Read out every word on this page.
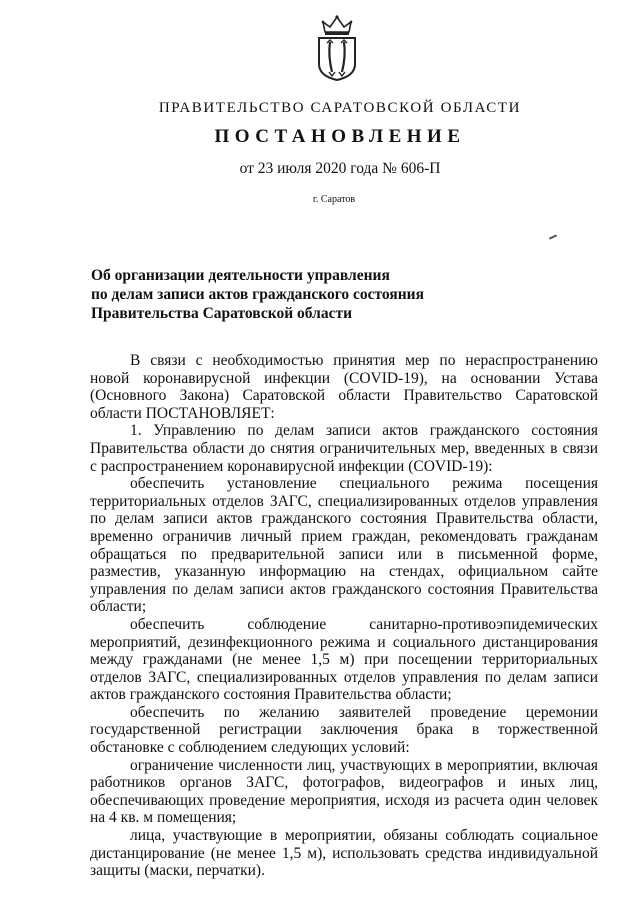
ПРАВИТЕЛЬСТВО САРАТОВСКОЙ ОБЛАСТИ
ПОСТАНОВЛЕНИЕ
от 23 июля 2020 года № 606-П
г. Саратов
Об организации деятельности управления
по делам записи актов гражданского состояния
Правительства Саратовской области

В связи с необходимостью принятия мер по нераспространению новой коронавирусной инфекции (COVID-19), на основании Устава (Основного Закона) Саратовской области Правительство Саратовской области ПОСТАНОВЛЯЕТ:

1. Управлению по делам записи актов гражданского состояния Правительства области до снятия ограничительных мер, введенных в связи с распространением коронавирусной инфекции (COVID-19):

обеспечить установление специального режима посещения территориальных отделов ЗАГС, специализированных отделов управления по делам записи актов гражданского состояния Правительства области, временно ограничив личный прием граждан, рекомендовать гражданам обращаться по предварительной записи или в письменной форме, разместив, указанную информацию на стендах, официальном сайте управления по делам записи актов гражданского состояния Правительства области;

обеспечить соблюдение санитарно-противоэпидемических мероприятий, дезинфекционного режима и социального дистанцирования между гражданами (не менее 1,5 м) при посещении территориальных отделов ЗАГС, специализированных отделов управления по делам записи актов гражданского состояния Правительства области;

обеспечить по желанию заявителей проведение церемонии государственной регистрации заключения брака в торжественной обстановке с соблюдением следующих условий:

ограничение численности лиц, участвующих в мероприятии, включая работников органов ЗАГС, фотографов, видеографов и иных лиц, обеспечивающих проведение мероприятия, исходя из расчета один человек на 4 кв. м помещения;

лица, участвующие в мероприятии, обязаны соблюдать социальное дистанцирование (не менее 1,5 м), использовать средства индивидуальной защиты (маски, перчатки).
